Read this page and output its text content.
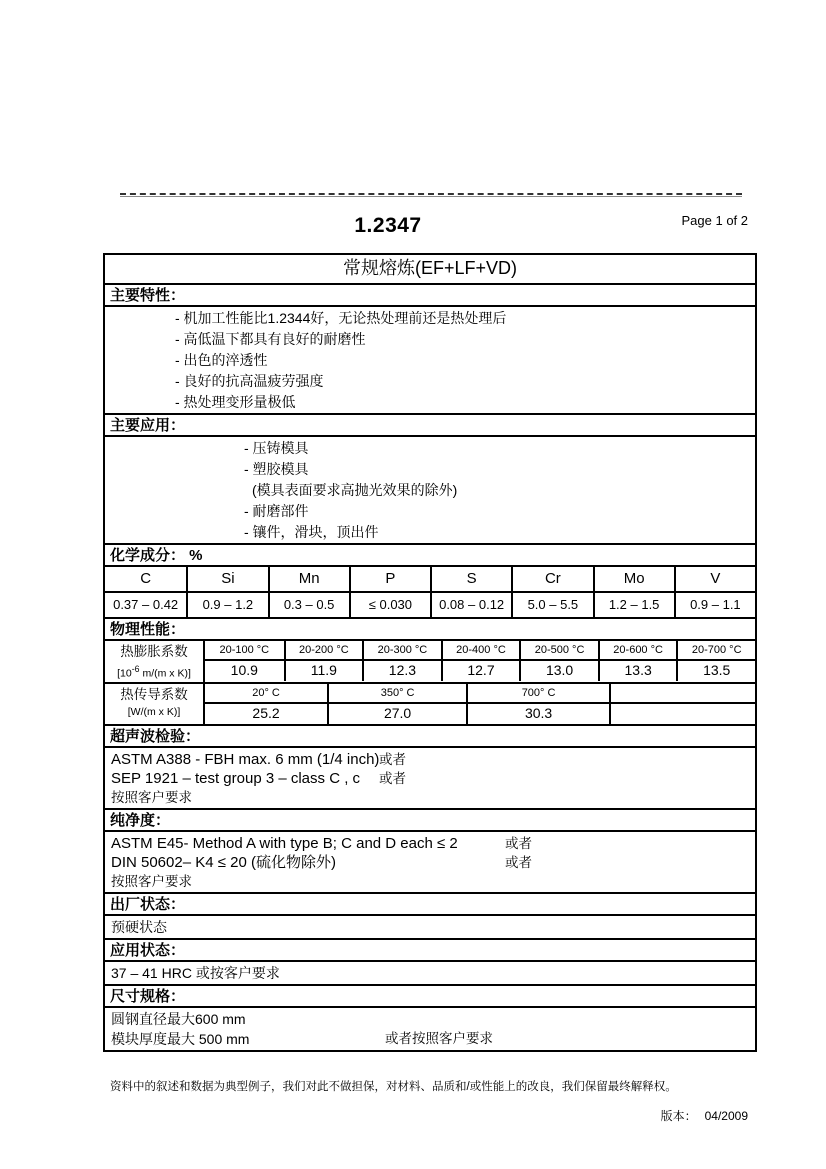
Page 1 of 2
1.2347
常规熔炼(EF+LF+VD)
主要特性：
- 机加工性能比1.2344好，无论热处理前还是热处理后
- 高低温下都具有良好的耐磨性
- 出色的淬透性
- 良好的抗高温疲劳强度
- 热处理变形量极低
主要应用：
- 压铸模具
- 塑胶模具
(模具表面要求高抛光效果的除外)
- 耐磨部件
- 镶件，滑块，顶出件
化学成分： %
C	Si	Mn	P	S	Cr	Mo	V
0.37 – 0.42	0.9 – 1.2	0.3 – 0.5	≤ 0.030	0.08 – 0.12	5.0 – 5.5	1.2 – 1.5	0.9 – 1.1
物理性能：
热膨胀系数
[$10^{-6}$ m/(m x K)]
20-100 °C	20-200 °C	20-300 °C	20-400 °C	20-500 °C	20-600 °C	20-700 °C
10.9	11.9	12.3	12.7	13.0	13.3	13.5
热传导系数
[W/(m x K)]
20° C	350° C	700° C
25.2	27.0	30.3
超声波检验：
ASTM A388 - FBH max. 6 mm (1/4 inch) 或者
SEP 1921 – test group 3 – class C , c 或者
按照客户要求
纯净度：
ASTM E45- Method A with type B; C and D each ≤ 2	或者
DIN 50602– K4 ≤ 20 (硫化物除外)	或者
按照客户要求
出厂状态：
预硬状态
应用状态：
37 – 41 HRC 或按客户要求
尺寸规格：
圆钢直径最大600 mm
模块厚度最大 500 mm	或者按照客户要求
资料中的叙述和数据为典型例子，我们对此不做担保，对材料、品质和/或性能上的改良，我们保留最终解释权。
版本： 04/2009
